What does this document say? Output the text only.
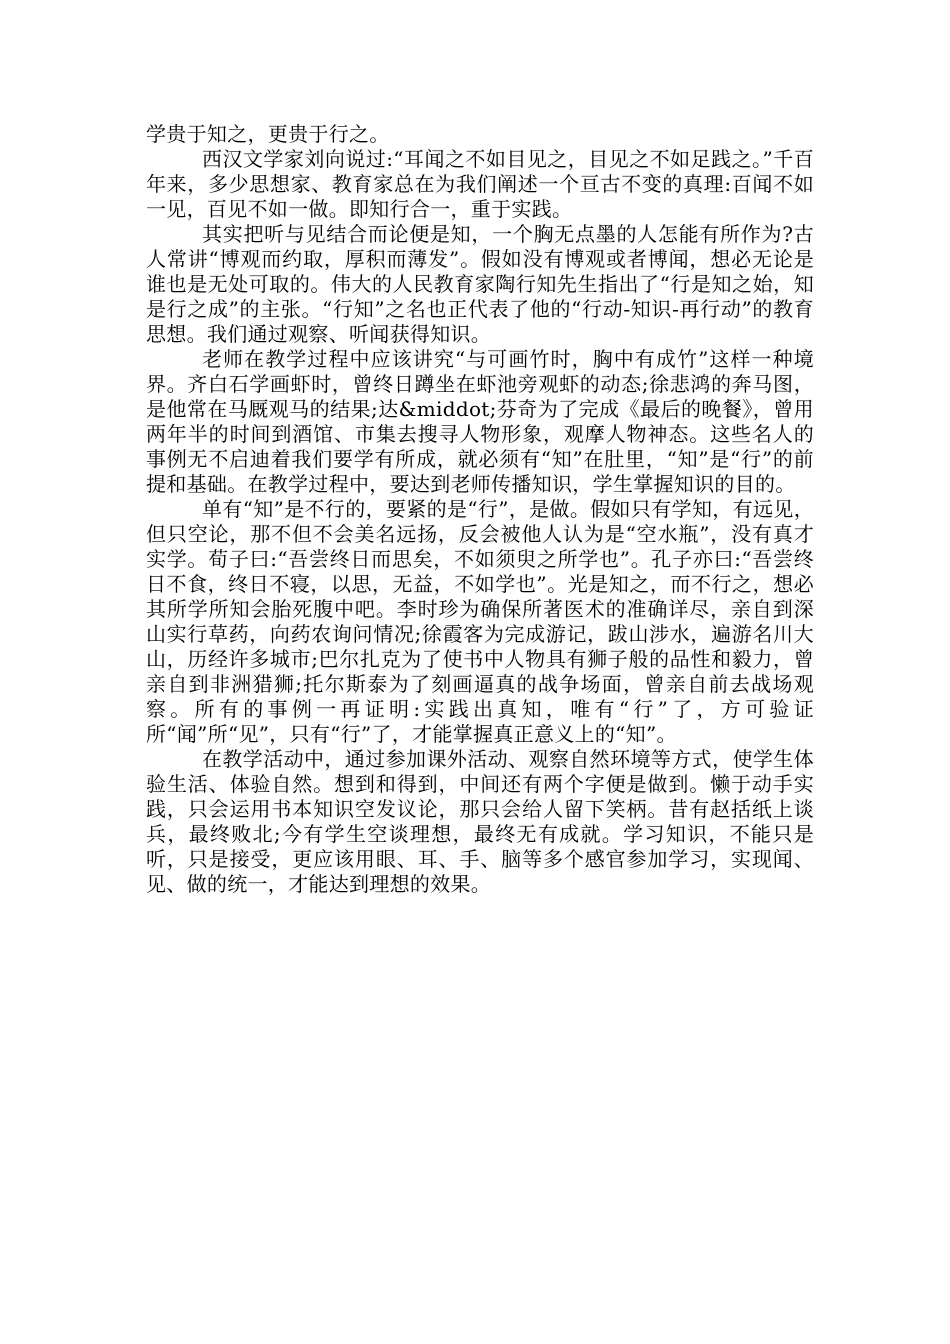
学贵于知之，更贵于行之。

西汉文学家刘向说过:“耳闻之不如目见之，目见之不如足践之。”千百年来，多少思想家、教育家总在为我们阐述一个亘古不变的真理:百闻不如一见，百见不如一做。即知行合一，重于实践。

其实把听与见结合而论便是知，一个胸无点墨的人怎能有所作为?古人常讲“博观而约取，厚积而薄发”。假如没有博观或者博闻，想必无论是谁也是无处可取的。伟大的人民教育家陶行知先生指出了“行是知之始，知是行之成”的主张。“行知”之名也正代表了他的“行动-知识-再行动”的教育思想。我们通过观察、听闻获得知识。

老师在教学过程中应该讲究“与可画竹时，胸中有成竹”这样一种境界。齐白石学画虾时，曾终日蹲坐在虾池旁观虾的动态;徐悲鸿的奔马图，是他常在马厩观马的结果;达&middot;芬奇为了完成《最后的晚餐》，曾用两年半的时间到酒馆、市集去搜寻人物形象，观摩人物神态。这些名人的事例无不启迪着我们要学有所成，就必须有“知”在肚里，“知”是“行”的前提和基础。在教学过程中，要达到老师传播知识，学生掌握知识的目的。

单有“知”是不行的，要紧的是“行”，是做。假如只有学知，有远见，但只空论，那不但不会美名远扬，反会被他人认为是“空水瓶”，没有真才实学。荀子曰:“吾尝终日而思矣，不如须臾之所学也”。孔子亦曰:“吾尝终日不食，终日不寝，以思，无益，不如学也”。光是知之，而不行之，想必其所学所知会胎死腹中吧。李时珍为确保所著医术的准确详尽，亲自到深山实行草药，向药农询问情况;徐霞客为完成游记，跋山涉水，遍游名川大山，历经许多城市;巴尔扎克为了使书中人物具有狮子般的品性和毅力，曾亲自到非洲猎狮;托尔斯泰为了刻画逼真的战争场面，曾亲自前去战场观察。所有的事例一再证明:实践出真知，唯有“行”了，方可验证所“闻”所“见”，只有“行”了，才能掌握真正意义上的“知”。

在教学活动中，通过参加课外活动、观察自然环境等方式，使学生体验生活、体验自然。想到和得到，中间还有两个字便是做到。懒于动手实践，只会运用书本知识空发议论，那只会给人留下笑柄。昔有赵括纸上谈兵，最终败北;今有学生空谈理想，最终无有成就。学习知识，不能只是听，只是接受，更应该用眼、耳、手、脑等多个感官参加学习，实现闻、见、做的统一，才能达到理想的效果。
